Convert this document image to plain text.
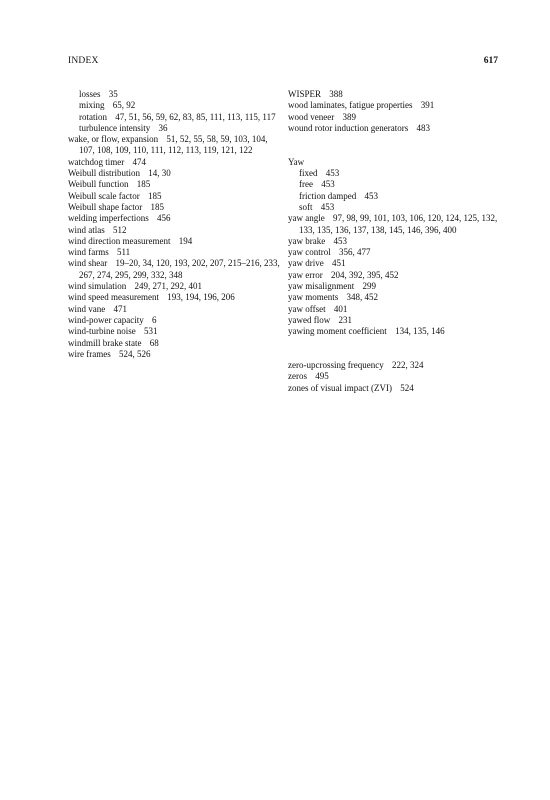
INDEX	617
losses 35
mixing 65, 92
rotation 47, 51, 56, 59, 62, 83, 85, 111, 113, 115, 117
turbulence intensity 36
wake, or flow, expansion 51, 52, 55, 58, 59, 103, 104, 107, 108, 109, 110, 111, 112, 113, 119, 121, 122
watchdog timer 474
Weibull distribution 14, 30
Weibull function 185
Weibull scale factor 185
Weibull shape factor 185
welding imperfections 456
wind atlas 512
wind direction measurement 194
wind farms 511
wind shear 19–20, 34, 120, 193, 202, 207, 215–216, 233, 267, 274, 295, 299, 332, 348
wind simulation 249, 271, 292, 401
wind speed measurement 193, 194, 196, 206
wind vane 471
wind-power capacity 6
wind-turbine noise 531
windmill brake state 68
wire frames 524, 526
WISPER 388
wood laminates, fatigue properties 391
wood veneer 389
wound rotor induction generators 483
Yaw
fixed 453
free 453
friction damped 453
soft 453
yaw angle 97, 98, 99, 101, 103, 106, 120, 124, 125, 132, 133, 135, 136, 137, 138, 145, 146, 396, 400
yaw brake 453
yaw control 356, 477
yaw drive 451
yaw error 204, 392, 395, 452
yaw misalignment 299
yaw moments 348, 452
yaw offset 401
yawed flow 231
yawing moment coefficient 134, 135, 146
zero-upcrossing frequency 222, 324
zeros 495
zones of visual impact (ZVI) 524
